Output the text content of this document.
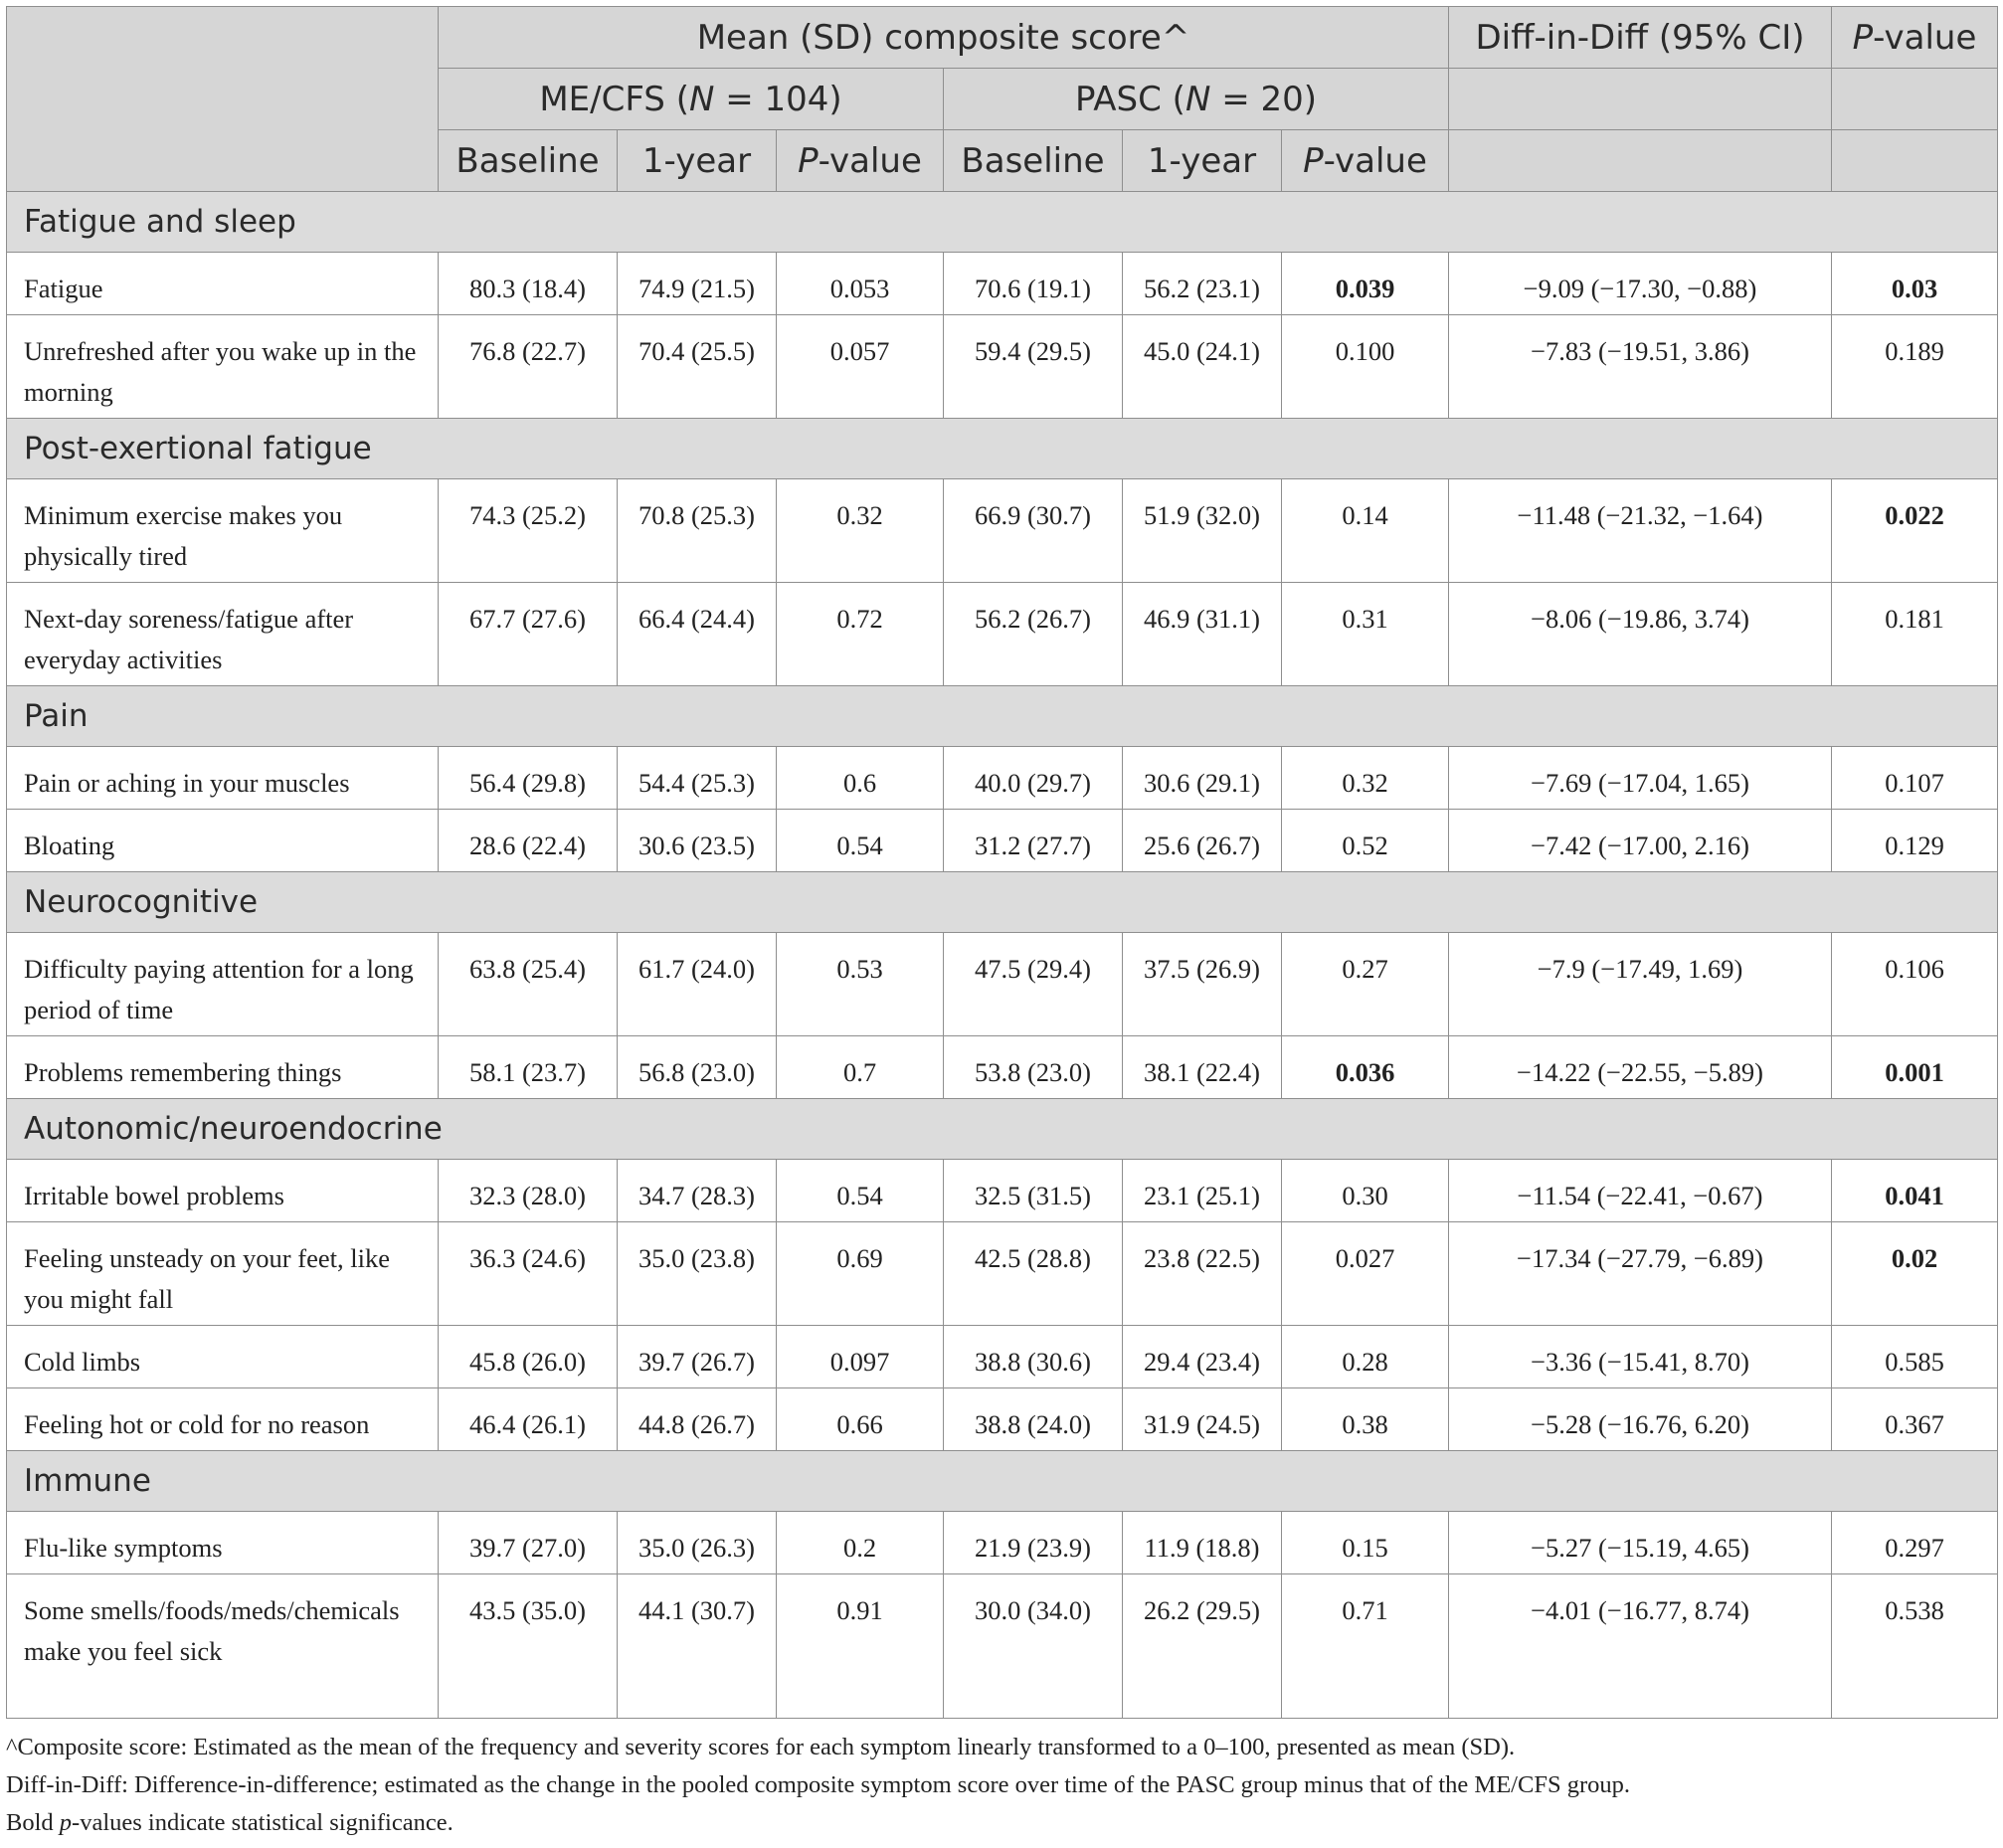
	Mean (SD) composite score^						Diff-in-Diff (95% CI)	P-value
	ME/CFS (N = 104)			PASC (N = 20)				
	Baseline	1-year	P-value	Baseline	1-year	P-value		
Fatigue and sleep								
Fatigue	80.3 (18.4)	74.9 (21.5)	0.053	70.6 (19.1)	56.2 (23.1)	0.039	−9.09 (−17.30, −0.88)	0.03
Unrefreshed after you wake up in the morning	76.8 (22.7)	70.4 (25.5)	0.057	59.4 (29.5)	45.0 (24.1)	0.100	−7.83 (−19.51, 3.86)	0.189
Post-exertional fatigue								
Minimum exercise makes you physically tired	74.3 (25.2)	70.8 (25.3)	0.32	66.9 (30.7)	51.9 (32.0)	0.14	−11.48 (−21.32, −1.64)	0.022
Next-day soreness/fatigue after everyday activities	67.7 (27.6)	66.4 (24.4)	0.72	56.2 (26.7)	46.9 (31.1)	0.31	−8.06 (−19.86, 3.74)	0.181
Pain								
Pain or aching in your muscles	56.4 (29.8)	54.4 (25.3)	0.6	40.0 (29.7)	30.6 (29.1)	0.32	−7.69 (−17.04, 1.65)	0.107
Bloating	28.6 (22.4)	30.6 (23.5)	0.54	31.2 (27.7)	25.6 (26.7)	0.52	−7.42 (−17.00, 2.16)	0.129
Neurocognitive								
Difficulty paying attention for a long period of time	63.8 (25.4)	61.7 (24.0)	0.53	47.5 (29.4)	37.5 (26.9)	0.27	−7.9 (−17.49, 1.69)	0.106
Problems remembering things	58.1 (23.7)	56.8 (23.0)	0.7	53.8 (23.0)	38.1 (22.4)	0.036	−14.22 (−22.55, −5.89)	0.001
Autonomic/neuroendocrine								
Irritable bowel problems	32.3 (28.0)	34.7 (28.3)	0.54	32.5 (31.5)	23.1 (25.1)	0.30	−11.54 (−22.41, −0.67)	0.041
Feeling unsteady on your feet, like you might fall	36.3 (24.6)	35.0 (23.8)	0.69	42.5 (28.8)	23.8 (22.5)	0.027	−17.34 (−27.79, −6.89)	0.02
Cold limbs	45.8 (26.0)	39.7 (26.7)	0.097	38.8 (30.6)	29.4 (23.4)	0.28	−3.36 (−15.41, 8.70)	0.585
Feeling hot or cold for no reason	46.4 (26.1)	44.8 (26.7)	0.66	38.8 (24.0)	31.9 (24.5)	0.38	−5.28 (−16.76, 6.20)	0.367
Immune								
Flu-like symptoms	39.7 (27.0)	35.0 (26.3)	0.2	21.9 (23.9)	11.9 (18.8)	0.15	−5.27 (−15.19, 4.65)	0.297
Some smells/foods/meds/chemicals make you feel sick	43.5 (35.0)	44.1 (30.7)	0.91	30.0 (34.0)	26.2 (29.5)	0.71	−4.01 (−16.77, 8.74)	0.538
^Composite score: Estimated as the mean of the frequency and severity scores for each symptom linearly transformed to a 0–100, presented as mean (SD).
Diff-in-Diff: Difference-in-difference; estimated as the change in the pooled composite symptom score over time of the PASC group minus that of the ME/CFS group.
Bold p-values indicate statistical significance.
